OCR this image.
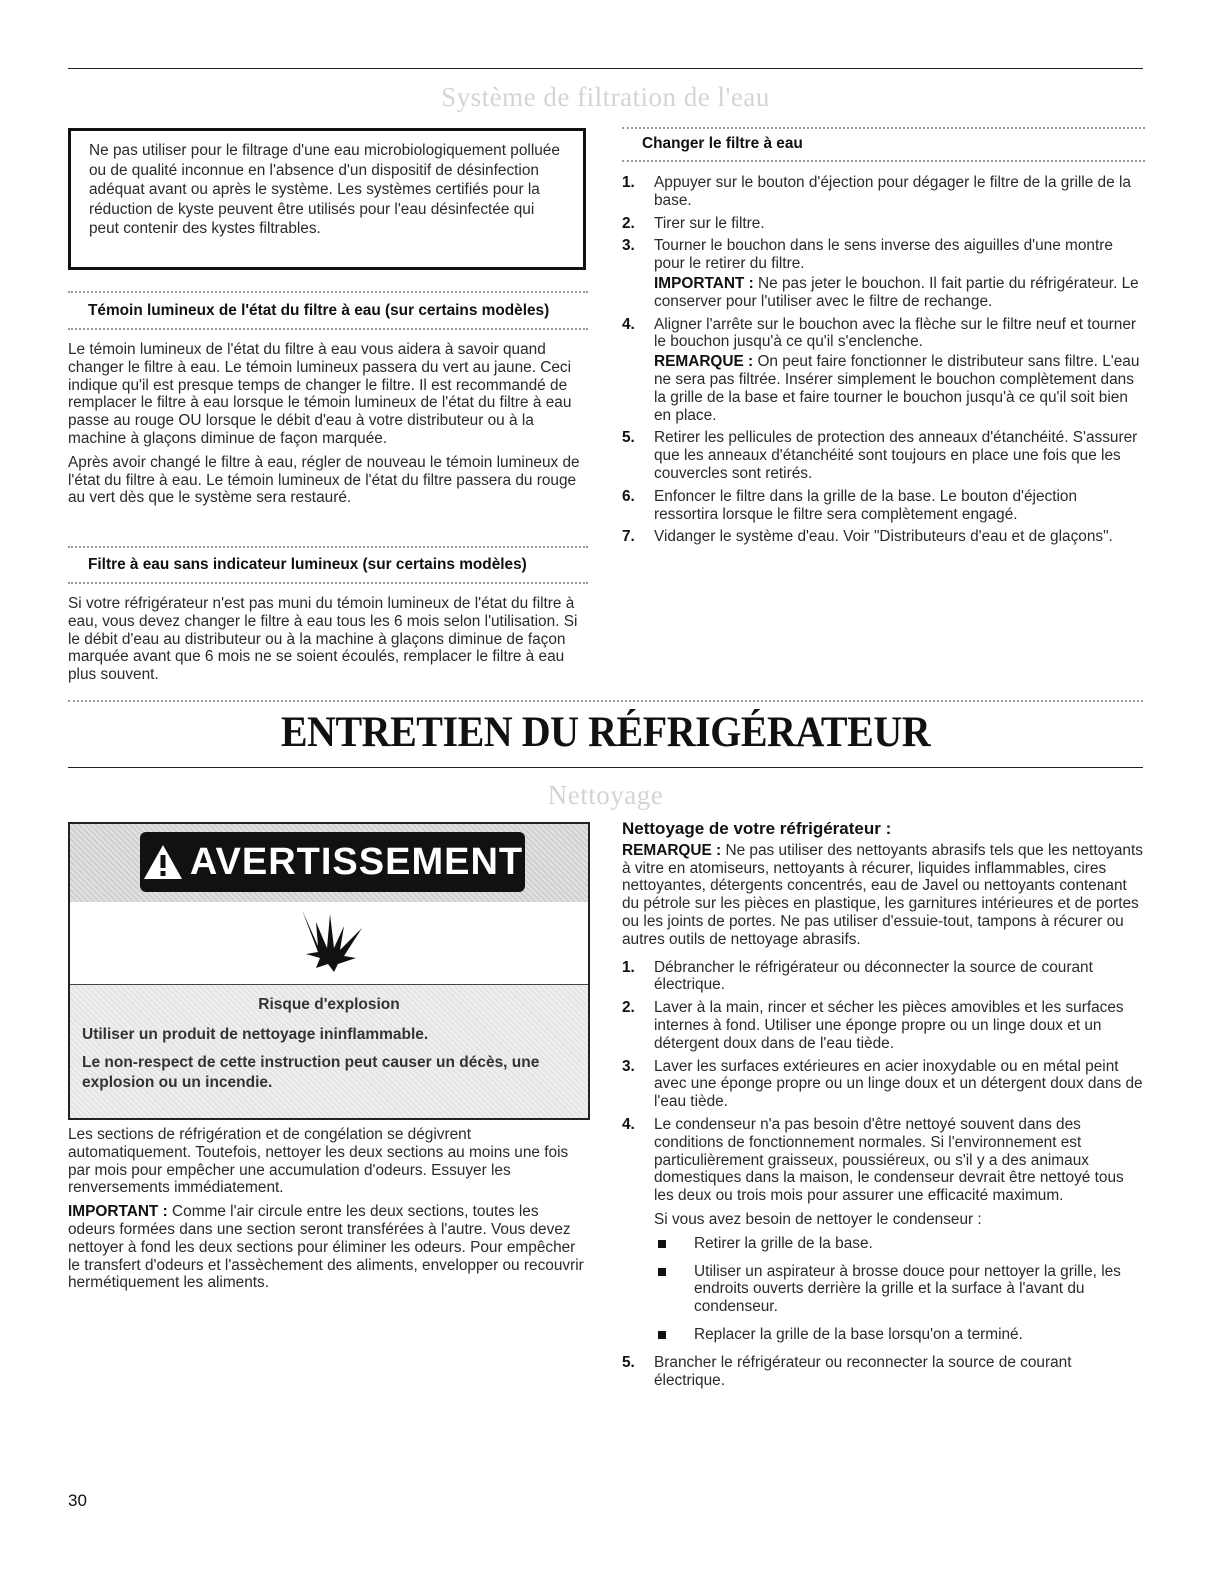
Système de filtration de l'eau
Ne pas utiliser pour le filtrage d'une eau microbiologiquement polluée ou de qualité inconnue en l'absence d'un dispositif de désinfection adéquat avant ou après le système. Les systèmes certifiés pour la réduction de kyste peuvent être utilisés pour l'eau désinfectée qui peut contenir des kystes filtrables.
Témoin lumineux de l'état du filtre à eau (sur certains modèles)

Le témoin lumineux de l'état du filtre à eau vous aidera à savoir quand changer le filtre à eau. Le témoin lumineux passera du vert au jaune. Ceci indique qu'il est presque temps de changer le filtre. Il est recommandé de remplacer le filtre à eau lorsque le témoin lumineux de l'état du filtre à eau passe au rouge OU lorsque le débit d'eau à votre distributeur ou à la machine à glaçons diminue de façon marquée.

Après avoir changé le filtre à eau, régler de nouveau le témoin lumineux de l'état du filtre à eau. Le témoin lumineux de l'état du filtre passera du rouge au vert dès que le système sera restauré.

Filtre à eau sans indicateur lumineux (sur certains modèles)

Si votre réfrigérateur n'est pas muni du témoin lumineux de l'état du filtre à eau, vous devez changer le filtre à eau tous les 6 mois selon l'utilisation. Si le débit d'eau au distributeur ou à la machine à glaçons diminue de façon marquée avant que 6 mois ne se soient écoulés, remplacer le filtre à eau plus souvent.

Changer le filtre à eau
1. Appuyer sur le bouton d'éjection pour dégager le filtre de la grille de la base.
2. Tirer sur le filtre.
3. Tourner le bouchon dans le sens inverse des aiguilles d'une montre pour le retirer du filtre.

IMPORTANT : Ne pas jeter le bouchon. Il fait partie du réfrigérateur. Le conserver pour l'utiliser avec le filtre de rechange.

4. Aligner l'arrête sur le bouchon avec la flèche sur le filtre neuf et tourner le bouchon jusqu'à ce qu'il s'enclenche.

REMARQUE : On peut faire fonctionner le distributeur sans filtre. L'eau ne sera pas filtrée. Insérer simplement le bouchon complètement dans la grille de la base et faire tourner le bouchon jusqu'à ce qu'il soit bien en place.

5. Retirer les pellicules de protection des anneaux d'étanchéité. S'assurer que les anneaux d'étanchéité sont toujours en place une fois que les couvercles sont retirés.
6. Enfoncer le filtre dans la grille de la base. Le bouton d'éjection ressortira lorsque le filtre sera complètement engagé.
7. Vidanger le système d'eau. Voir "Distributeurs d'eau et de glaçons".
ENTRETIEN DU RÉFRIGÉRATEUR
Nettoyage
AVERTISSEMENT

Risque d'explosion

Utiliser un produit de nettoyage ininflammable.

Le non-respect de cette instruction peut causer un décès, une explosion ou un incendie.

Les sections de réfrigération et de congélation se dégivrent automatiquement. Toutefois, nettoyer les deux sections au moins une fois par mois pour empêcher une accumulation d'odeurs. Essuyer les renversements immédiatement.

IMPORTANT : Comme l'air circule entre les deux sections, toutes les odeurs formées dans une section seront transférées à l'autre. Vous devez nettoyer à fond les deux sections pour éliminer les odeurs. Pour empêcher le transfert d'odeurs et l'assèchement des aliments, envelopper ou recouvrir hermétiquement les aliments.

Nettoyage de votre réfrigérateur :

REMARQUE : Ne pas utiliser des nettoyants abrasifs tels que les nettoyants à vitre en atomiseurs, nettoyants à récurer, liquides inflammables, cires nettoyantes, détergents concentrés, eau de Javel ou nettoyants contenant du pétrole sur les pièces en plastique, les garnitures intérieures et de portes ou les joints de portes. Ne pas utiliser d'essuie-tout, tampons à récurer ou autres outils de nettoyage abrasifs.

1. Débrancher le réfrigérateur ou déconnecter la source de courant électrique.
2. Laver à la main, rincer et sécher les pièces amovibles et les surfaces internes à fond. Utiliser une éponge propre ou un linge doux et un détergent doux dans de l'eau tiède.
3. Laver les surfaces extérieures en acier inoxydable ou en métal peint avec une éponge propre ou un linge doux et un détergent doux dans de l'eau tiède.
4. Le condenseur n'a pas besoin d'être nettoyé souvent dans des conditions de fonctionnement normales. Si l'environnement est particulièrement graisseux, poussiéreux, ou s'il y a des animaux domestiques dans la maison, le condenseur devrait être nettoyé tous les deux ou trois mois pour assurer une efficacité maximum.

Si vous avez besoin de nettoyer le condenseur :

Retirer la grille de la base.
Utiliser un aspirateur à brosse douce pour nettoyer la grille, les endroits ouverts derrière la grille et la surface à l'avant du condenseur.
Replacer la grille de la base lorsqu'on a terminé.
5. Brancher le réfrigérateur ou reconnecter la source de courant électrique.
30
